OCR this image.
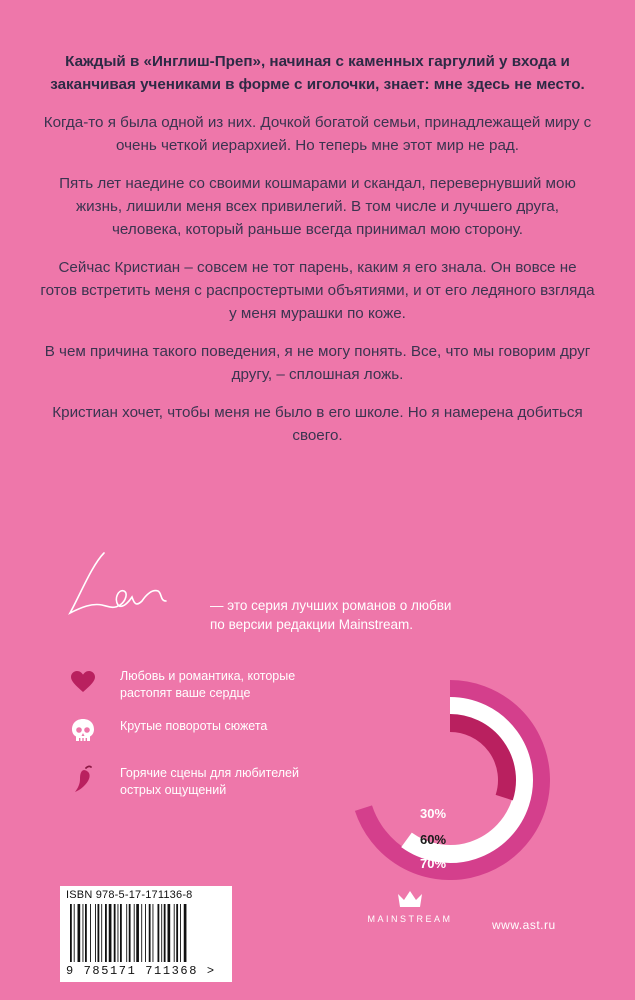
Каждый в «Инглиш-Преп», начиная с каменных гаргулий у входа и заканчивая учениками в форме с иголочки, знает: мне здесь не место.

Когда-то я была одной из них. Дочкой богатой семьи, принадлежащей миру с очень четкой иерархией. Но теперь мне этот мир не рад.

Пять лет наедине со своими кошмарами и скандал, перевернувший мою жизнь, лишили меня всех привилегий. В том числе и лучшего друга, человека, который раньше всегда принимал мою сторону.

Сейчас Кристиан – совсем не тот парень, каким я его знала. Он вовсе не готов встретить меня с распростертыми объятиями, и от его ледяного взгляда у меня мурашки по коже.

В чем причина такого поведения, я не могу понять. Все, что мы говорим друг другу, – сплошная ложь.

Кристиан хочет, чтобы меня не было в его школе. Но я намерена добиться своего.

— это серия лучших романов о любви
по версии редакции Mainstream.
Любовь и романтика, которые
растопят ваше сердце
Крутые повороты сюжета
Горячие сцены для любителей
острых ощущений
30%
60%
70%
ISBN 978-5-17-171136-8
9 785171 711368 >
MAINSTREAM	www.ast.ru
